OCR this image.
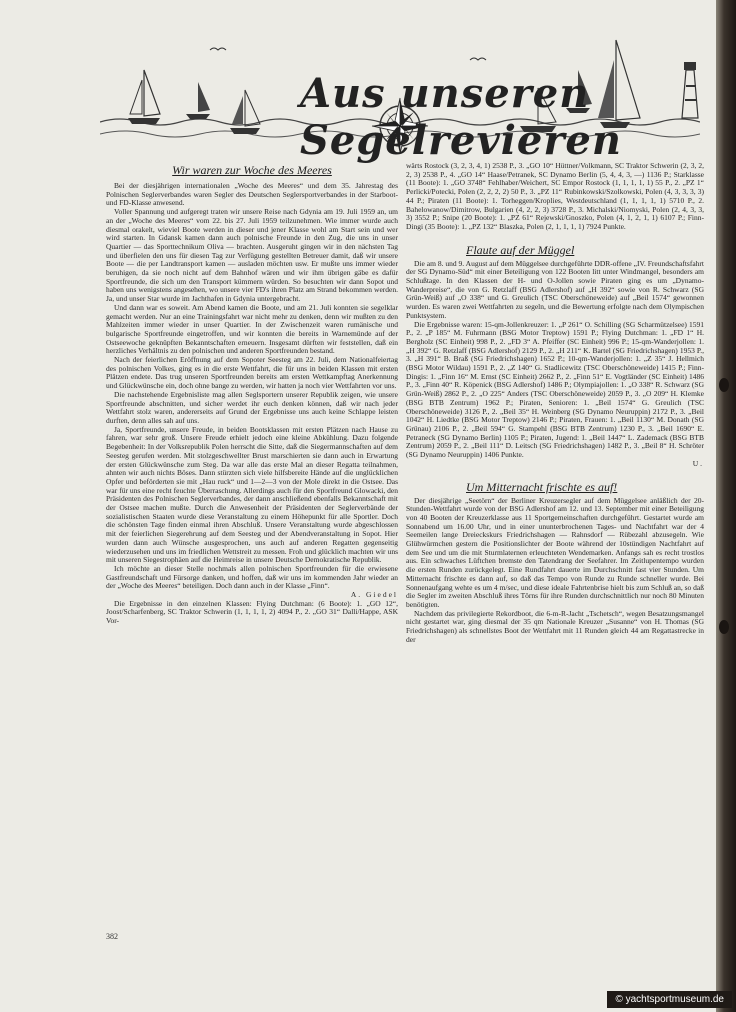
Aus unseren Segelrevieren
Wir waren zur Woche des Meeres

Bei der diesjährigen internationalen „Woche des Meeres“ und dem 35. Jahrestag des Polnischen Seglerverbandes waren Segler des Deutschen Seglersportverbandes in der Starboot- und FD-Klasse anwesend.

Voller Spannung und aufgeregt traten wir unsere Reise nach Gdynia am 19. Juli 1959 an, um an der „Woche des Meeres“ vom 22. bis 27. Juli 1959 teilzunehmen. Wie immer wurde auch diesmal orakelt, wieviel Boote werden in dieser und jener Klasse wohl am Start sein und wer wird starten. In Gdansk kamen dann auch polnische Freunde in den Zug, die uns in unser Quartier — das Sporttechnikum Oliva — brachten. Ausgeruht gingen wir in den nächsten Tag und überfielen den uns für diesen Tag zur Verfügung gestellten Betreuer damit, daß wir unsere Boote — die per Landtransport kamen — ausladen möchten usw. Er mußte uns immer wieder beruhigen, da sie noch nicht auf dem Bahnhof wären und wir ihm übrigen gäbe es dafür Sportfreunde, die sich um den Transport kümmern würden. So besuchten wir dann Sopot und haben uns wenigstens angesehen, wo unsere vier FD's ihren Platz am Strand bekommen werden. Ja, und unser Star wurde im Jachthafen in Gdynia untergebracht.

Und dann war es soweit. Am Abend kamen die Boote, und am 21. Juli konnten sie segelklar gemacht werden. Nur an eine Trainingsfahrt war nicht mehr zu denken, denn wir mußten zu den Mahlzeiten immer wieder in unser Quartier. In der Zwischenzeit waren rumänische und bulgarische Sportfreunde eingetroffen, und wir konnten die bereits in Warnemünde auf der Ostseewoche geknüpften Bekanntschaften erneuern. Insgesamt dürften wir feststellen, daß ein herzliches Verhältnis zu den polnischen und anderen Sportfreunden bestand.

Nach der feierlichen Eröffnung auf dem Sopoter Seesteg am 22. Juli, dem Nationalfeiertag des polnischen Volkes, ging es in die erste Wettfahrt, die für uns in beiden Klassen mit ersten Plätzen endete. Das trug unseren Sportfreunden bereits am ersten Wettkampftag Anerkennung und Glückwünsche ein, doch ohne bange zu werden, wir hatten ja noch vier Wettfahrten vor uns.

Die nachstehende Ergebnisliste mag allen Seglsportern unserer Republik zeigen, wie unsere Sportfreunde abschnitten, und sicher werdet ihr euch denken können, daß wir nach jeder Wettfahrt stolz waren, andererseits auf Grund der Ergebnisse uns auch keine Schlappe leisten durften, denn alles sah auf uns.

Ja, Sportfreunde, unsere Freude, in beiden Bootsklassen mit ersten Plätzen nach Hause zu fahren, war sehr groß. Unsere Freude erhielt jedoch eine kleine Abkühlung. Dazu folgende Begebenheit: In der Volksrepublik Polen herrscht die Sitte, daß die Siegermannschaften auf dem Seesteg gerufen werden. Mit stolzgeschwellter Brust marschierten sie dann auch in Erwartung der ersten Glückwünsche zum Steg. Da war alle das erste Mal an dieser Regatta teilnahmen, ahnten wir auch nichts Böses. Dann stürzten sich viele hilfsbereite Hände auf die unglücklichen Opfer und beförderten sie mit „Hau ruck“ und 1—2—3 von der Mole direkt in die Ostsee. Das war für uns eine recht feuchte Überraschung. Allerdings auch für den Sportfreund Glowacki, den Präsidenten des Polnischen Seglerverbandes, der dann anschließend ebenfalls Bekanntschaft mit der Ostsee machen mußte. Durch die Anwesenheit der Präsidenten der Seglerverbände der sozialistischen Staaten wurde diese Veranstaltung zu einem Höhepunkt für alle Sportler. Doch die schönsten Tage finden einmal ihren Abschluß. Unsere Veranstaltung wurde abgeschlossen mit der feierlichen Siegerehrung auf dem Seesteg und der Abendveranstaltung in Sopot. Hier wurden dann auch Wünsche ausgesprochen, uns auch auf anderen Regatten gegenseitig wiederzusehen und uns im friedlichen Wettstreit zu messen. Froh und glücklich machten wir uns mit unseren Siegestrophäen auf die Heimreise in unsere Deutsche Demokratische Republik.

Ich möchte an dieser Stelle nochmals allen polnischen Sportfreunden für die erwiesene Gastfreundschaft und Fürsorge danken, und hoffen, daß wir uns im kommenden Jahr wieder an der „Woche des Meeres“ beteiligen. Doch dann auch in der Klasse „Finn“.

A. Giedel

Die Ergebnisse in den einzelnen Klassen: Flying Dutchman: (6 Boote): 1. „GO 12“, Joost/Scharfenberg, SC Traktor Schwerin (1, 1, 1, 1, 2) 4094 P., 2. „GO 31“ Dalli/Happe, ASK Vor-

wärts Rostock (3, 2, 3, 4, 1) 2538 P., 3. „GO 10“ Hüttner/Volkmann, SC Traktor Schwerin (2, 3, 2, 2, 3) 2538 P., 4. „GO 14“ Haase/Petranek, SC Dynamo Berlin (5, 4, 4, 3, —) 1136 P.; Starklasse (11 Boote): 1. „GO 3748“ Fehlhaber/Weichert, SC Empor Rostock (1, 1, 1, 1, 1) 55 P., 2. „PZ 1“ Perlicki/Potecki, Polen (2, 2, 2, 2) 50 P., 3. „PZ 11“ Rubinkowski/Szolkowski, Polen (4, 3, 3, 3, 3) 44 P.; Piraten (11 Boote): 1. Torheggen/Kroplies, Westdeutschland (1, 1, 1, 1, 1) 5710 P., 2. Bahelowanow/Dimitrow, Bulgarien (4, 2, 2, 3) 3728 P., 3. Michalski/Niomyski, Polen (2, 4, 3, 3, 3) 3552 P.; Snipe (20 Boote): 1. „PZ 61“ Rejewski/Gnoszko, Polen (4, 1, 2, 1, 1) 6107 P.; Finn-Dingi (35 Boote): 1. „PZ 132“ Blaszka, Polen (2, 1, 1, 1, 1) 7924 Punkte.

Flaute auf der Müggel

Die am 8. und 9. August auf dem Müggelsee durchgeführte DDR-offene „IV. Freundschaftsfahrt der SG Dynamo-Süd“ mit einer Beteiligung von 122 Booten litt unter Windmangel, besonders am Schlußtage. In den Klassen der H- und O-Jollen sowie Piraten ging es um „Dynamo-Wanderpreise“, die von G. Retzlaff (BSG Adlershof) auf „H 392“ sowie von R. Schwarz (SG Grün-Weiß) auf „O 338“ und G. Greulich (TSC Oberschöneweide) auf „Beil 1574“ gewonnen wurden. Es waren zwei Wettfahrten zu segeln, und die Bewertung erfolgte nach dem Olympischen Punktsystem.

Die Ergebnisse waren: 15-qm-Jollenkreuzer: 1. „P 261“ O. Schilling (SG Scharmützelsee) 1591 P., 2. „P 185“ M. Fuhrmann (BSG Motor Treptow) 1591 P.; Flying Dutchman: 1. „FD 1“ H. Bergholz (SC Einheit) 998 P., 2. „FD 3“ A. Pfeiffer (SC Einheit) 996 P.; 15-qm-Wanderjollen: 1. „H 392“ G. Retzlaff (BSG Adlershof) 2129 P., 2. „H 211“ K. Bartel (SG Friedrichshagen) 1953 P., 3. „H 391“ B. Braß (SG Friedrichshagen) 1652 P.; 10-qm-Wanderjollen: 1. „Z 35“ J. Hellmich (BSG Motor Wildau) 1591 P., 2. „Z 140“ G. Stadlicewitz (TSC Oberschöneweide) 1415 P.; Finn-Dingis: 1. „Finn 16“ M. Ernst (SC Einheit) 2662 P., 2. „Finn 51“ E. Vogtländer (SC Einheit) 1486 P., 3. „Finn 40“ R. Köpenick (BSG Adlershof) 1486 P.; Olympiajollen: 1. „O 338“ R. Schwarz (SG Grün-Weiß) 2862 P., 2. „O 225“ Anders (TSC Oberschöneweide) 2059 P., 3. „O 209“ H. Klemke (BSG BTB Zentrum) 1962 P.; Piraten, Senioren: 1. „Beil 1574“ G. Greulich (TSC Oberschöneweide) 3126 P., 2. „Beil 35“ H. Weinberg (SG Dynamo Neuruppin) 2172 P., 3. „Beil 1042“ H. Liedtke (BSG Motor Treptow) 2146 P.; Piraten, Frauen: 1. „Beil 1130“ M. Donath (SG Grünau) 2106 P., 2. „Beil 594“ G. Stampehl (BSG BTB Zentrum) 1230 P., 3. „Beil 1690“ E. Petraneck (SG Dynamo Berlin) 1105 P.; Piraten, Jugend: 1. „Beil 1447“ L. Zademack (BSG BTB Zentrum) 2059 P., 2. „Beil 111“ D. Leitsch (SG Friedrichshagen) 1482 P., 3. „Beil 8“ H. Schröter (SG Dynamo Neuruppin) 1406 Punkte.

U.

Um Mitternacht frischte es auf!

Der diesjährige „Seetörn“ der Berliner Kreuzersegler auf dem Müggelsee anläßlich der 20-Stunden-Wettfahrt wurde von der BSG Adlershof am 12. und 13. September mit einer Beteiligung von 40 Booten der Kreuzerklasse aus 11 Sportgemeinschaften durchgeführt. Gestartet wurde am Sonnabend um 16.00 Uhr, und in einer ununterbrochenen Tages- und Nachtfahrt war der 4 Seemeilen lange Dreieckskurs Friedrichshagen — Rahnsdorf — Rübezahl abzusegeln. Wie Glühwürmchen gestern die Positionslichter der Boote während der 10stündigen Nachtfahrt auf dem See und um die mit Sturmlaternen erleuchteten Wendemarken. Anfangs sah es recht trostlos aus. Ein schwaches Lüftchen bremste den Tatendrang der Seefahrer. Im Zeitlupentempo wurden die ersten Runden zurückgelegt. Eine Rundfahrt dauerte im Durchschnitt fast vier Stunden. Um Mitternacht frischte es dann auf, so daß das Tempo von Runde zu Runde schneller wurde. Bei Sonnenaufgang wehte es um 4 m/sec, und diese ideale Fahrtenbrise hielt bis zum Schluß an, so daß die Segler im zweiten Abschluß ihres Törns für ihre Runden durchschnittlich nur noch 80 Minuten benötigten.

Nachdem das privilegierte Rekordboot, die 6-m-R-Jacht „Tschetsch“, wegen Besatzungsmangel nicht gestartet war, ging diesmal der 35 qm Nationale Kreuzer „Susanne“ von H. Thomas (SG Friedrichshagen) als schnellstes Boot der Wettfahrt mit 11 Runden gleich 44 am Regattastrecke in der

382
© yachtsportmuseum.de
